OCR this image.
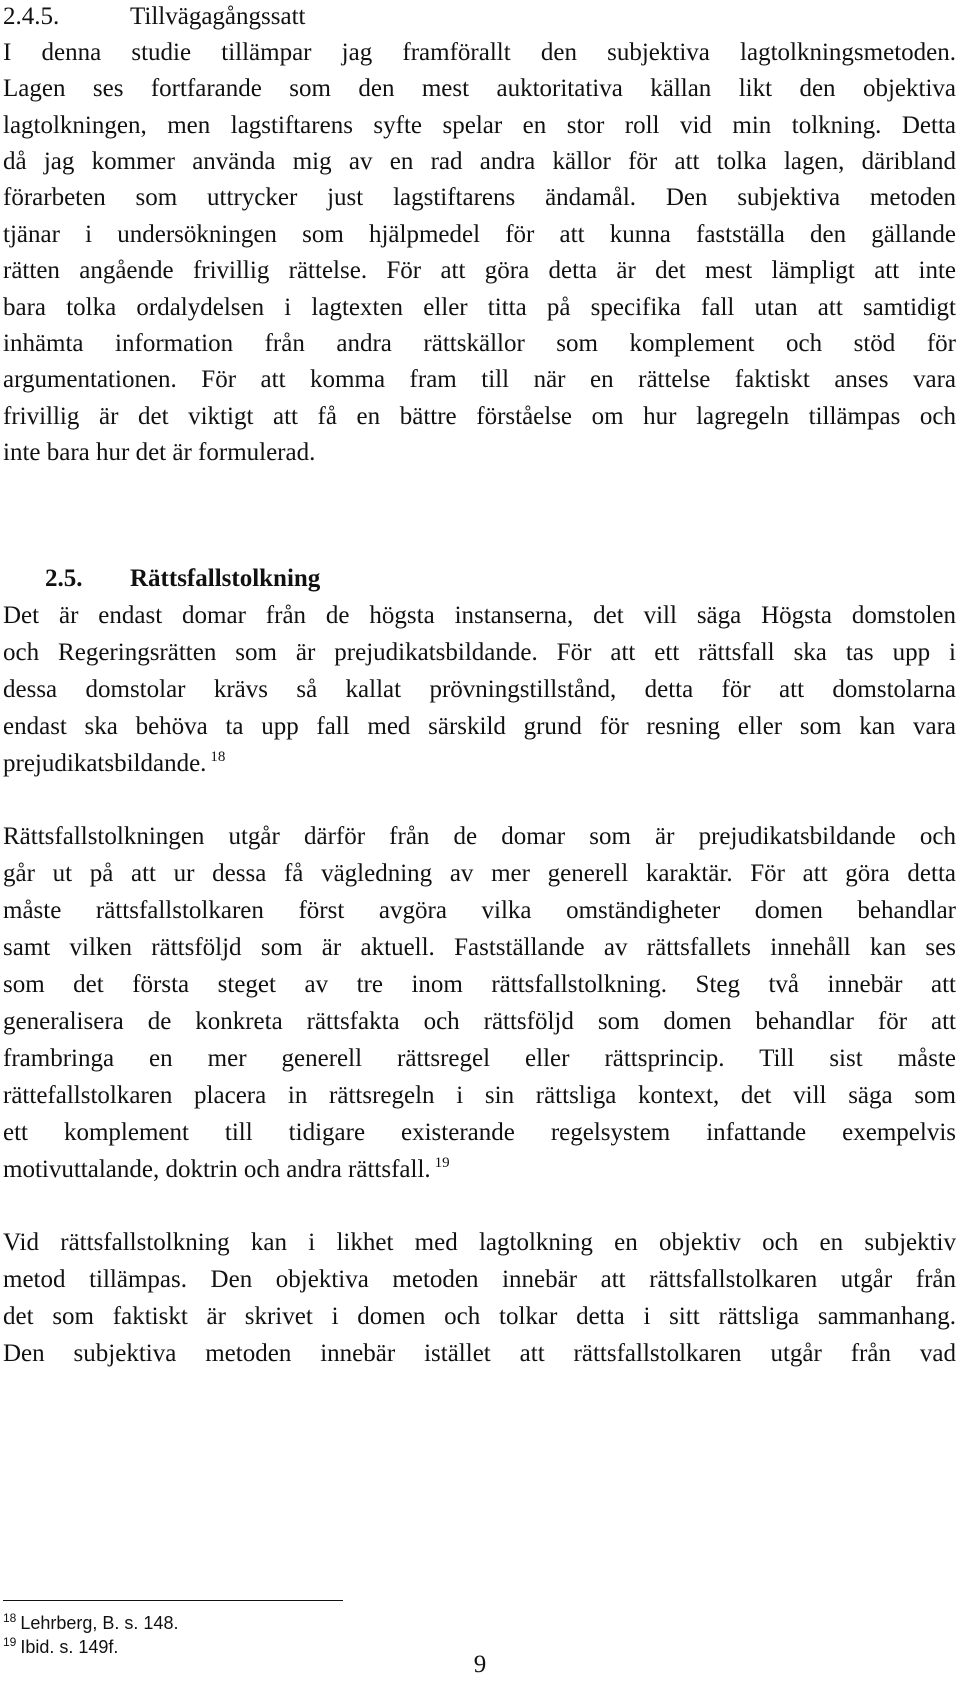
2.4.5.	Tillvägagångssatt
I denna studie tillämpar jag framförallt den subjektiva lagtolkningsmetoden.
Lagen ses fortfarande som den mest auktoritativa källan likt den objektiva
lagtolkningen, men lagstiftarens syfte spelar en stor roll vid min tolkning. Detta
då jag kommer använda mig av en rad andra källor för att tolka lagen, däribland
förarbeten som uttrycker just lagstiftarens ändamål. Den subjektiva metoden
tjänar i undersökningen som hjälpmedel för att kunna fastställa den gällande
rätten angående frivillig rättelse. För att göra detta är det mest lämpligt att inte
bara tolka ordalydelsen i lagtexten eller titta på specifika fall utan att samtidigt
inhämta information från andra rättskällor som komplement och stöd för
argumentationen. För att komma fram till när en rättelse faktiskt anses vara
frivillig är det viktigt att få en bättre förståelse om hur lagregeln tillämpas och
inte bara hur det är formulerad.
2.5.	Rättsfallstolkning
Det är endast domar från de högsta instanserna, det vill säga Högsta domstolen
och Regeringsrätten som är prejudikatsbildande. För att ett rättsfall ska tas upp i
dessa domstolar krävs så kallat prövningstillstånd, detta för att domstolarna
endast ska behöva ta upp fall med särskild grund för resning eller som kan vara
prejudikatsbildande. $^{18}$
Rättsfallstolkningen utgår därför från de domar som är prejudikatsbildande och
går ut på att ur dessa få vägledning av mer generell karaktär. För att göra detta
måste rättsfallstolkaren först avgöra vilka omständigheter domen behandlar
samt vilken rättsföljd som är aktuell. Fastställande av rättsfallets innehåll kan ses
som det första steget av tre inom rättsfallstolkning. Steg två innebär att
generalisera de konkreta rättsfakta och rättsföljd som domen behandlar för att
frambringa en mer generell rättsregel eller rättsprincip. Till sist måste
rättefallstolkaren placera in rättsregeln i sin rättsliga kontext, det vill säga som
ett komplement till tidigare existerande regelsystem infattande exempelvis
motivuttalande, doktrin och andra rättsfall. $^{19}$
Vid rättsfallstolkning kan i likhet med lagtolkning en objektiv och en subjektiv
metod tillämpas. Den objektiva metoden innebär att rättsfallstolkaren utgår från
det som faktiskt är skrivet i domen och tolkar detta i sitt rättsliga sammanhang.
Den subjektiva metoden innebär istället att rättsfallstolkaren utgår från vad
$^{18}$ Lehrberg, B. s. 148.
$^{19}$ Ibid. s. 149f.
9
